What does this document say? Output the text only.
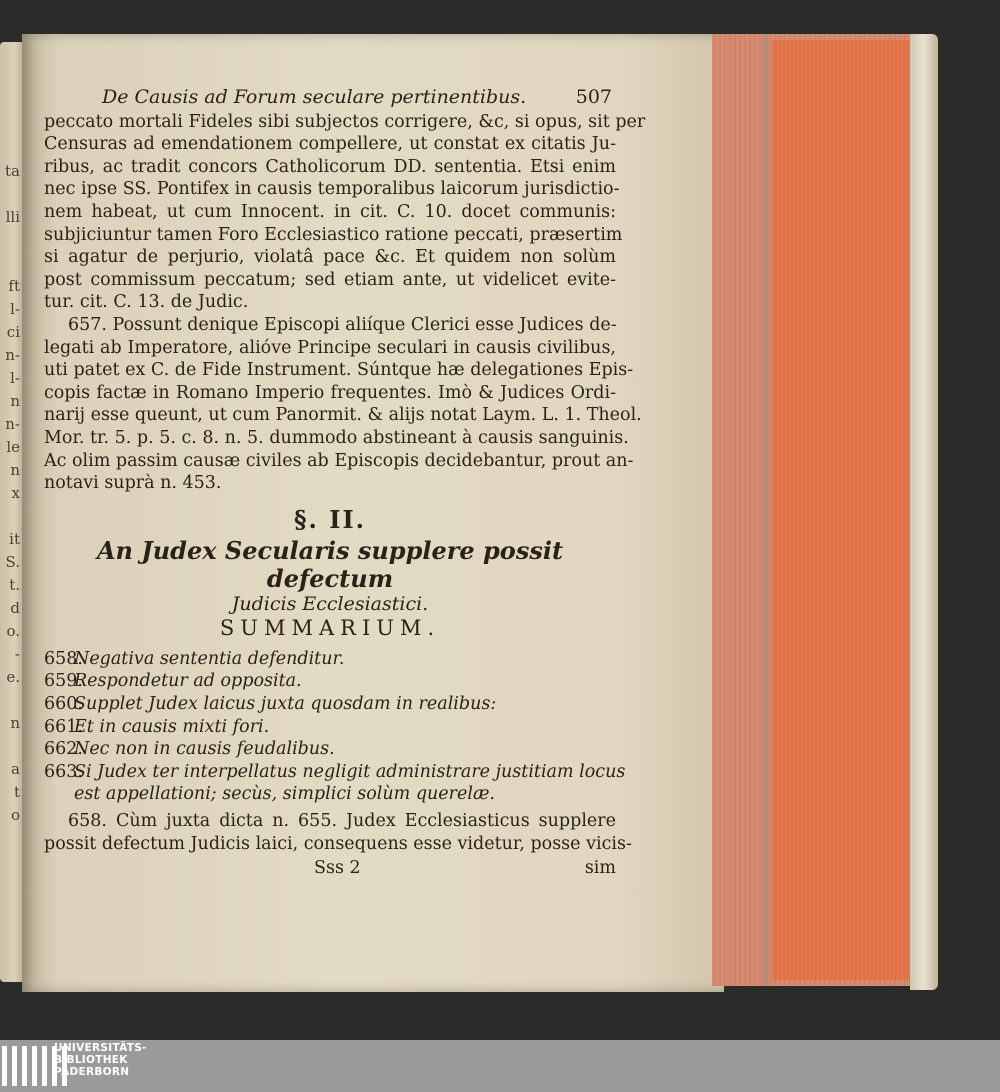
ta

lli

ft
l-
ci
n-
l-
n
n-
le
n
x

it
S.
t.
d
o.
-
e.

n

a
t
o
De Causis ad Forum seculare pertinentibus.	507
peccato mortali Fideles sibi subjectos corrigere, &c, si opus, sit per
Censuras ad emendationem compellere, ut constat ex citatis Ju-
ribus, ac tradit concors Catholicorum DD. sententia. Etsi enim
nec ipse SS. Pontifex in causis temporalibus laicorum jurisdictio-
nem habeat, ut cum Innocent. in cit. C. 10. docet communis:
subjiciuntur tamen Foro Ecclesiastico ratione peccati, præsertim
si agatur de perjurio, violatâ pace &c. Et quidem non solùm
post commissum peccatum; sed etiam ante, ut videlicet evite-
tur. cit. C. 13. de Judic.
657. Possunt denique Episcopi aliíque Clerici esse Judices de-
legati ab Imperatore, alióve Principe seculari in causis civilibus,
uti patet ex C. de Fide Instrument. Súntque hæ delegationes Epis-
copis factæ in Romano Imperio frequentes. Imò & Judices Ordi-
narij esse queunt, ut cum Panormit. & alijs notat Laym. L. 1. Theol.
Mor. tr. 5. p. 5. c. 8. n. 5. dummodo abstineant à causis sanguinis.
Ac olim passim causæ civiles ab Episcopis decidebantur, prout an-
notavi suprà n. 453.
§. II.
An Judex Secularis supplere possit defectum
Judicis Ecclesiastici.
SUMMARIUM.
658.
Negativa sententia defenditur.
659.
Respondetur ad opposita.
660.
Supplet Judex laicus juxta quosdam in realibus:
661.
Et in causis mixti fori.
662.
Nec non in causis feudalibus.
663.
Si Judex ter interpellatus negligit administrare justitiam locus
est appellationi; secùs, simplici solùm querelæ.
658. Cùm juxta dicta n. 655. Judex Ecclesiasticus supplere
possit defectum Judicis laici, consequens esse videtur, posse vicis-
Sss 2	sim
UNIVERSITÄTS-
BIBLIOTHEK
PADERBORN
